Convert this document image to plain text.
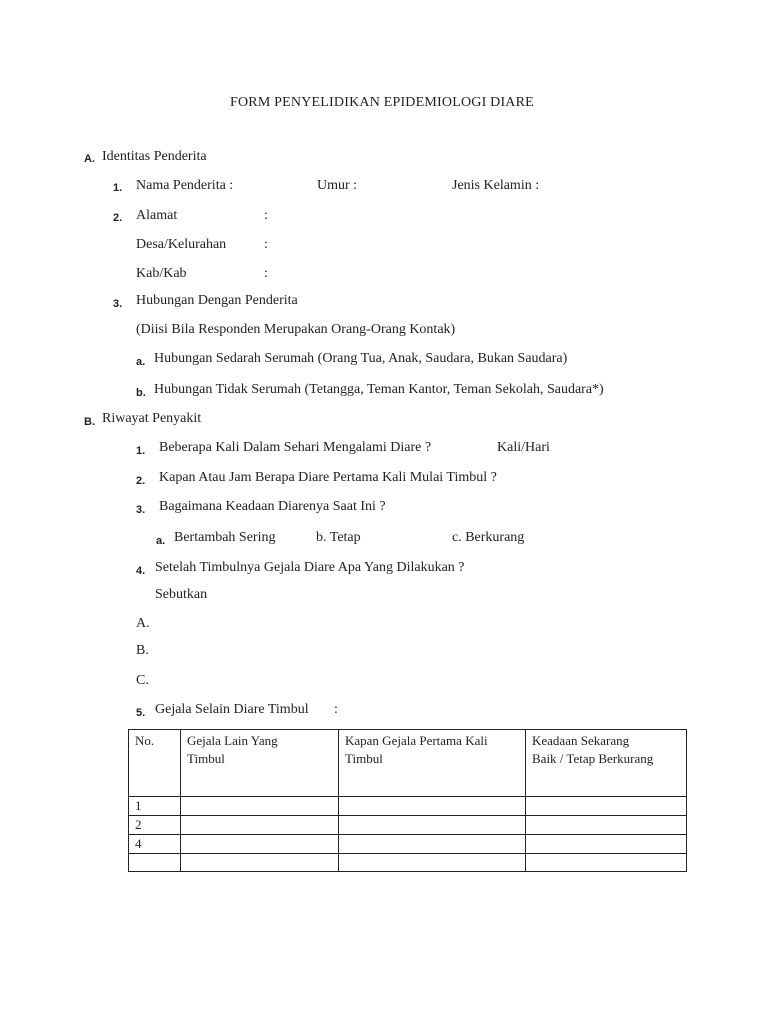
FORM PENYELIDIKAN EPIDEMIOLOGI DIARE
A. Identitas Penderita
1. Nama Penderita :	Umur :	Jenis Kelamin :
2. Alamat	:
Desa/Kelurahan	:
Kab/Kab	:
3. Hubungan Dengan Penderita
(Diisi Bila Responden Merupakan Orang-Orang Kontak)
a. Hubungan Sedarah Serumah (Orang Tua, Anak, Saudara, Bukan Saudara)
b. Hubungan Tidak Serumah (Tetangga, Teman Kantor, Teman Sekolah, Saudara*)
B. Riwayat Penyakit
1. Beberapa Kali Dalam Sehari Mengalami Diare ?	Kali/Hari
2. Kapan Atau Jam Berapa Diare Pertama Kali Mulai Timbul ?
3. Bagaimana Keadaan Diarenya Saat Ini ?
a. Bertambah Sering	b. Tetap	c. Berkurang
4. Setelah Timbulnya Gejala Diare Apa Yang Dilakukan ?
Sebutkan
A.
B.
C.
5. Gejala Selain Diare Timbul :
No.	Gejala Lain Yang Timbul	Kapan Gejala Pertama Kali Timbul	Keadaan Sekarang Baik / Tetap Berkurang
1			
2			
4			
